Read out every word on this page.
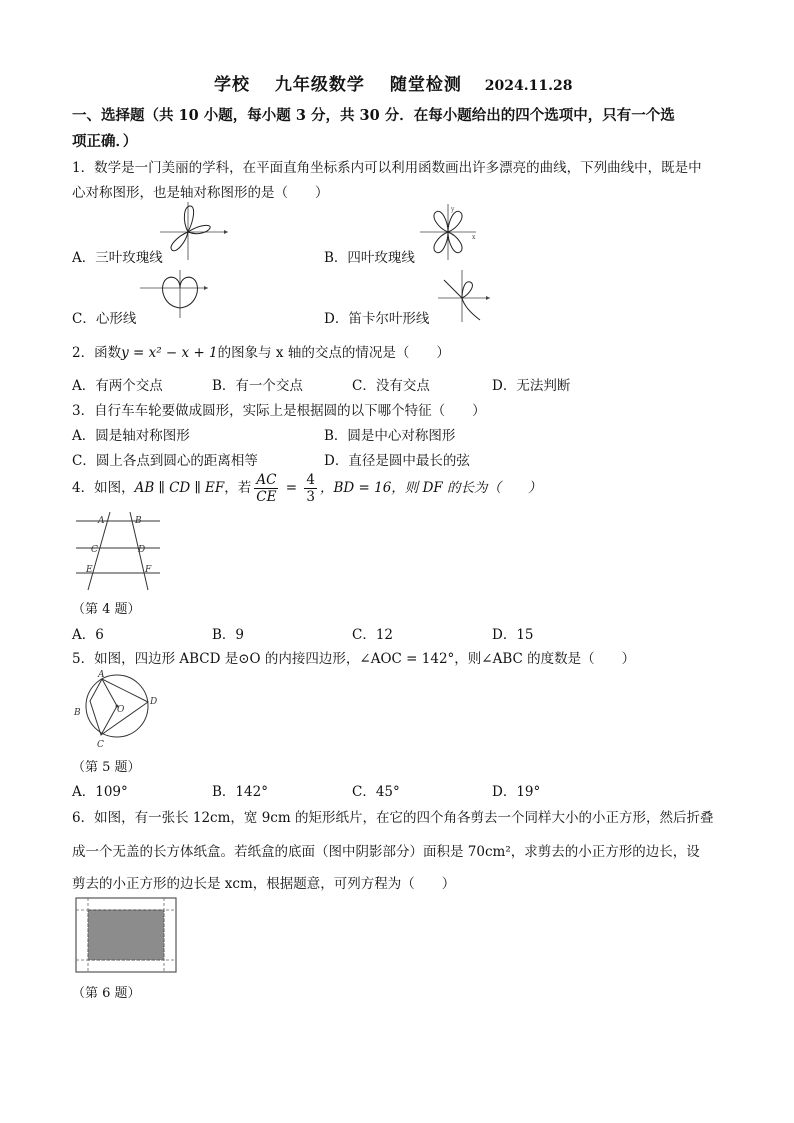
学校 九年级数学 随堂检测 2024.11.28
一、选择题（共 10 小题，每小题 3 分，共 30 分．在每小题给出的四个选项中，只有一个选
项正确．）
1．数学是一门美丽的学科，在平面直角坐标系内可以利用函数画出许多漂亮的曲线，下列曲线中，既是中
心对称图形，也是轴对称图形的是（　　）
A．三叶玫瑰线
y
x
B．四叶玫瑰线
C．心形线	D．笛卡尔叶形线
2．函数y = x² − x + 1的图象与 x 轴的交点的情况是（　　）
A．有两个交点	B．有一个交点	C．没有交点	D．无法判断
3．自行车车轮要做成圆形，实际上是根据圆的以下哪个特征（　　）
A．圆是轴对称图形	B．圆是中心对称图形
C．圆上各点到圆心的距离相等	D．直径是圆中最长的弦
4．如图，AB ∥ CD ∥ EF，若 $\frac{AC}{CE} = \frac{4}{3}$ ，BD = 16，则 DF 的长为（　　）
A	B
C	D
E	F
（第 4 题）
A．6	B．9	C．12	D．15
5．如图，四边形 ABCD 是⊙O 的内接四边形，∠AOC = 142°，则∠ABC 的度数是（　　）
A
B	O
D
C
（第 5 题）
A．109°	B．142°	C．45°	D．19°
6．如图，有一张长 12cm，宽 9cm 的矩形纸片，在它的四个角各剪去一个同样大小的小正方形，然后折叠
成一个无盖的长方体纸盒。若纸盒的底面（图中阴影部分）面积是 70cm²，求剪去的小正方形的边长，设
剪去的小正方形的边长是 xcm，根据题意，可列方程为（　　）
（第 6 题）
